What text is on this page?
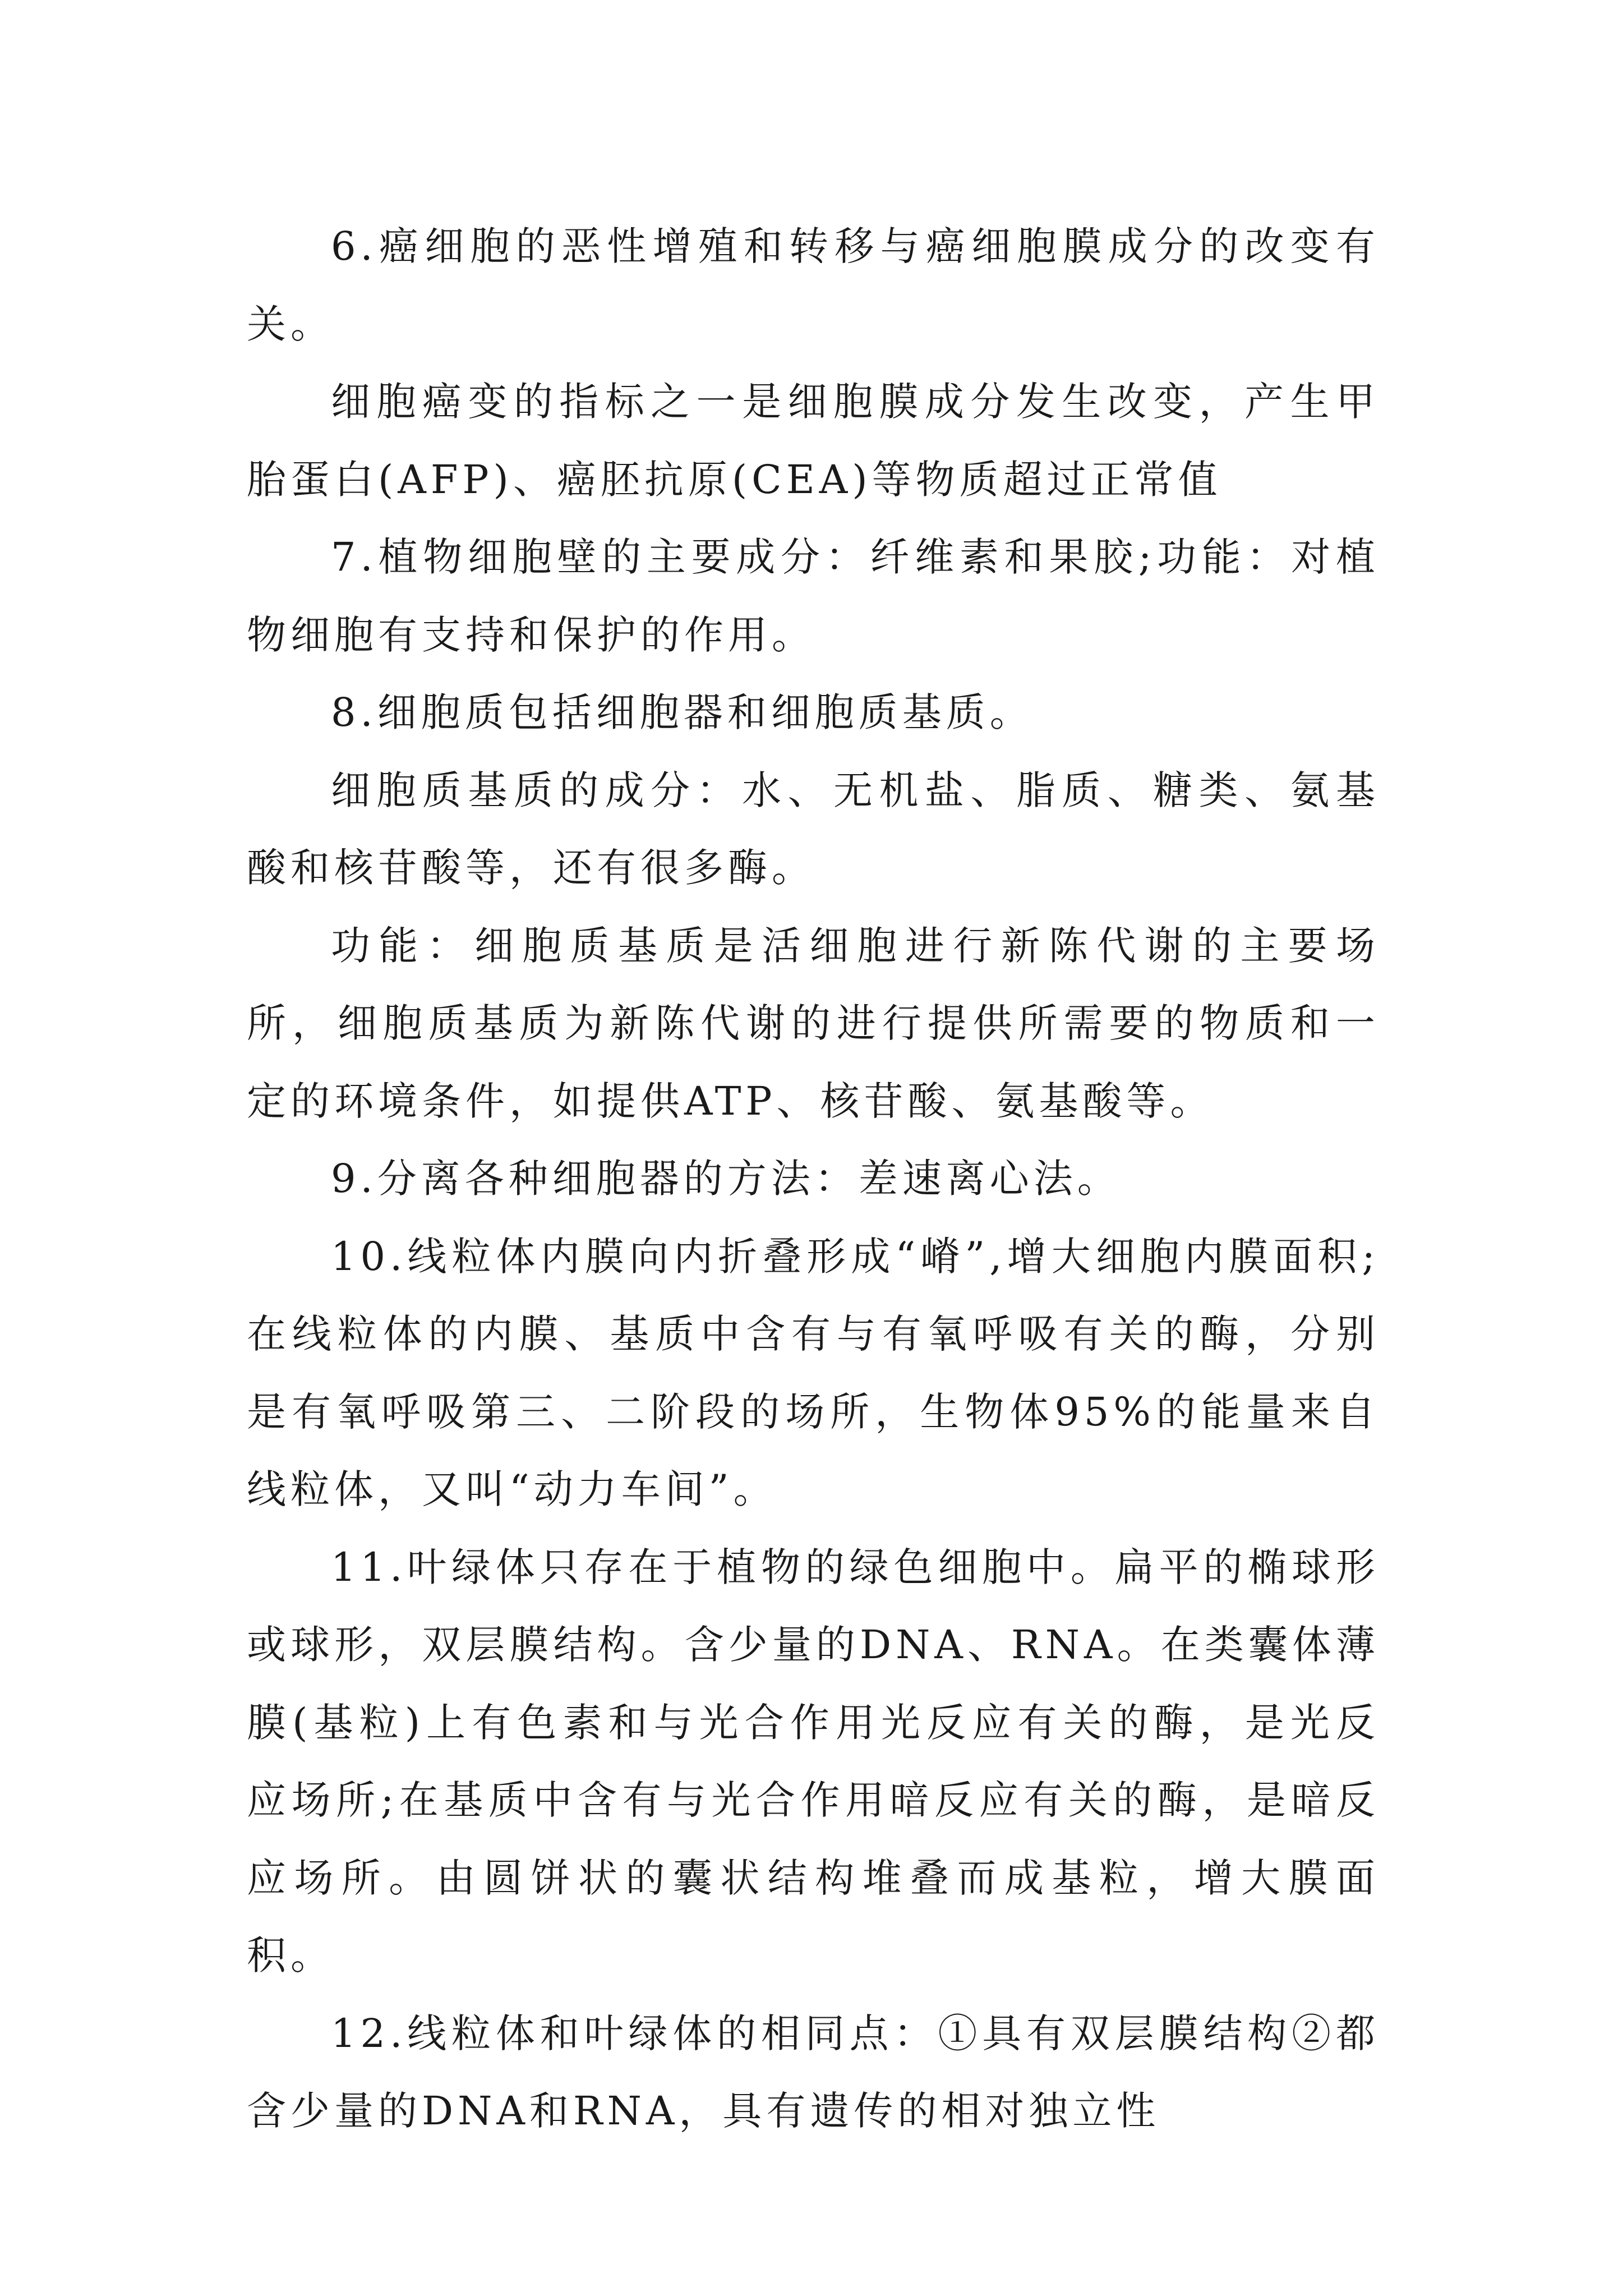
6.癌细胞的恶性增殖和转移与癌细胞膜成分的改变有关。

细胞癌变的指标之一是细胞膜成分发生改变，产生甲胎蛋白(AFP)、癌胚抗原(CEA)等物质超过正常值

7.植物细胞壁的主要成分：纤维素和果胶;功能：对植物细胞有支持和保护的作用。

8.细胞质包括细胞器和细胞质基质。

细胞质基质的成分：水、无机盐、脂质、糖类、氨基酸和核苷酸等，还有很多酶。

功能：细胞质基质是活细胞进行新陈代谢的主要场所，细胞质基质为新陈代谢的进行提供所需要的物质和一定的环境条件，如提供ATP、核苷酸、氨基酸等。

9.分离各种细胞器的方法：差速离心法。

10.线粒体内膜向内折叠形成“嵴”,增大细胞内膜面积;在线粒体的内膜、基质中含有与有氧呼吸有关的酶，分别是有氧呼吸第三、二阶段的场所，生物体95%的能量来自线粒体，又叫“动力车间”。

11.叶绿体只存在于植物的绿色细胞中。扁平的椭球形或球形，双层膜结构。含少量的DNA、RNA。在类囊体薄膜(基粒)上有色素和与光合作用光反应有关的酶，是光反应场所;在基质中含有与光合作用暗反应有关的酶，是暗反应场所。由圆饼状的囊状结构堆叠而成基粒，增大膜面积。

12.线粒体和叶绿体的相同点：①具有双层膜结构②都含少量的DNA和RNA，具有遗传的相对独立性
